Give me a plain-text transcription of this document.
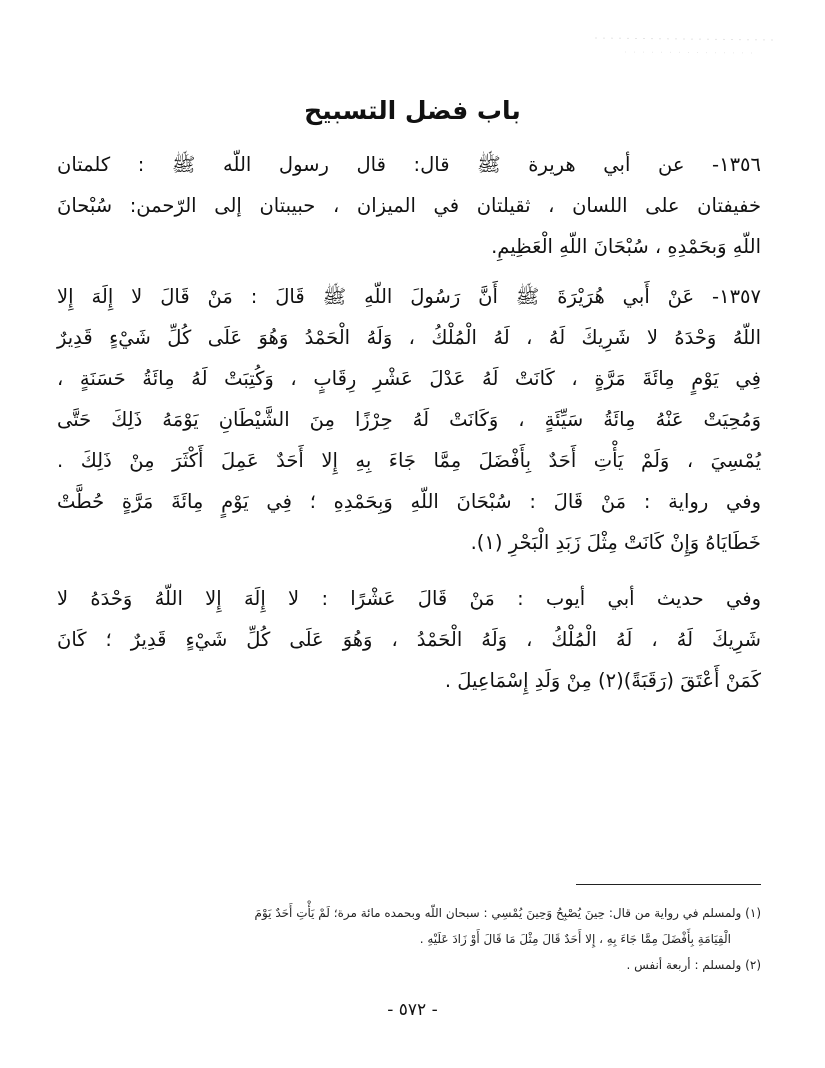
باب فضل التسبيح
١٣٥٦- عن أبي هريرة ﷺ قال: قال رسول اللّه ﷺ : كلمتان
خفيفتان على اللسان ، ثقيلتان في الميزان ، حبيبتان إلى الرّحمن: سُبْحانَ
اللّهِ وَبحَمْدِهِ ، سُبْحَانَ اللّهِ الْعَظِيمِ.
١٣٥٧- عَنْ أَبي هُرَيْرَةَ ﷺ أَنَّ رَسُولَ اللّهِ ﷺ قَالَ : مَنْ قَالَ لا إِلَهَ إِلا
اللّهُ وَحْدَهُ لا شَرِيكَ لَهُ ، لَهُ الْمُلْكُ ، وَلَهُ الْحَمْدُ وَهُوَ عَلَى كُلِّ شَيْءٍ قَدِيرٌ
فِي يَوْمٍ مِائَةَ مَرَّةٍ ، كَانَتْ لَهُ عَدْلَ عَشْرِ رِقَابٍ ، وَكُتِبَتْ لَهُ مِائَةُ حَسَنَةٍ ،
وَمُحِيَتْ عَنْهُ مِائَةُ سَيِّئَةٍ ، وَكَانَتْ لَهُ حِرْزًا مِنَ الشَّيْطَانِ يَوْمَهُ ذَلِكَ حَتَّى
يُمْسِيَ ، وَلَمْ يَأْتِ أَحَدٌ بِأَفْضَلَ مِمَّا جَاءَ بِهِ إِلا أَحَدٌ عَمِلَ أَكْثَرَ مِنْ ذَلِكَ .
وفي رواية : مَنْ قَالَ : سُبْحَانَ اللّهِ وَبِحَمْدِهِ ؛ فِي يَوْمٍ مِائَةَ مَرَّةٍ حُطَّتْ
خَطَايَاهُ وَإِنْ كَانَتْ مِثْلَ زَبَدِ الْبَحْرِ (١).
وفي حديث أبي أيوب : مَنْ قَالَ عَشْرًا : لا إِلَهَ إِلا اللّهُ وَحْدَهُ لا
شَرِيكَ لَهُ ، لَهُ الْمُلْكُ ، وَلَهُ الْحَمْدُ ، وَهُوَ عَلَى كُلِّ شَيْءٍ قَدِيرٌ ؛ كَانَ
كَمَنْ أَعْتَقَ (رَقَبَةً)(٢) مِنْ وَلَدِ إِسْمَاعِيلَ .
(١) ولمسلم في رواية من قال: حِينَ يُصْبِحُ وَحِينَ يُمْسِي : سبحان اللّه وبحمده مائة مرة؛ لَمْ يَأْتِ أَحَدٌ يَوْمَ
الْقِيَامَةِ بِأَفْضَلَ مِمَّا جَاءَ بِهِ ، إِلا أَحَدٌ قَالَ مِثْلَ مَا قَالَ أَوْ زَادَ عَلَيْهِ .
(٢) ولمسلم : أربعة أنفس .
- ٥٧٢ -
